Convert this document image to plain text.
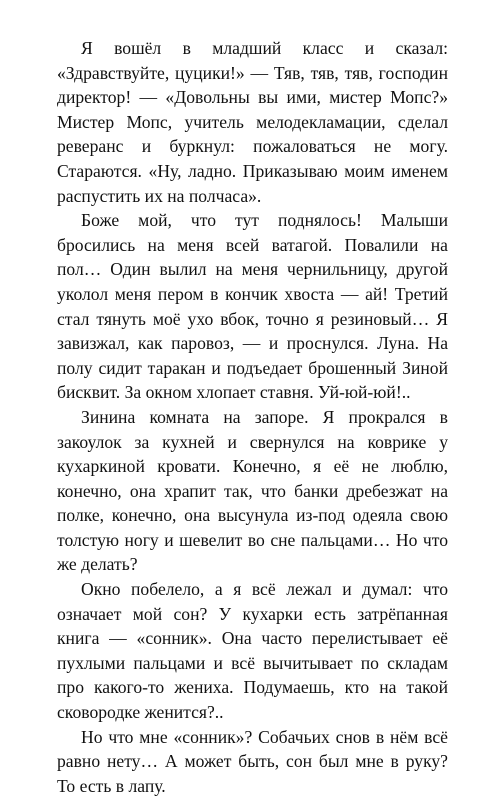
Я вошёл в младший класс и сказал: «Здравствуйте, цуцики!» — Тяв, тяв, тяв, господин директор! — «Довольны вы ими, мистер Мопс?» Мистер Мопс, учитель мелодекламации, сделал реверанс и буркнул: пожаловаться не могу. Стараются. «Ну, ладно. Приказываю моим именем распустить их на полчаса».

Боже мой, что тут поднялось! Малыши бросились на меня всей ватагой. Повалили на пол… Один вылил на меня чернильницу, другой уколол меня пером в кончик хвоста — ай! Третий стал тянуть моё ухо вбок, точно я резиновый… Я завизжал, как паровоз, — и проснулся. Луна. На полу сидит таракан и подъедает брошенный Зиной бисквит. За окном хлопает ставня. Уй-юй-юй!..

Зинина комната на запоре. Я прокрался в закоулок за кухней и свернулся на коврике у кухаркиной кровати. Конечно, я её не люблю, конечно, она храпит так, что банки дребезжат на полке, конечно, она высунула из-под одеяла свою толстую ногу и шевелит во сне пальцами… Но что же делать?

Окно побелело, а я всё лежал и думал: что означает мой сон? У кухарки есть затрёпанная книга — «сонник». Она часто перелистывает её пухлыми пальцами и всё вычитывает по складам про какого-то жениха. Подумаешь, кто на такой сковородке женится?..

Но что мне «сонник»? Собачьих снов в нём всё равно нету… А может быть, сон был мне в руку? То есть в лапу.
